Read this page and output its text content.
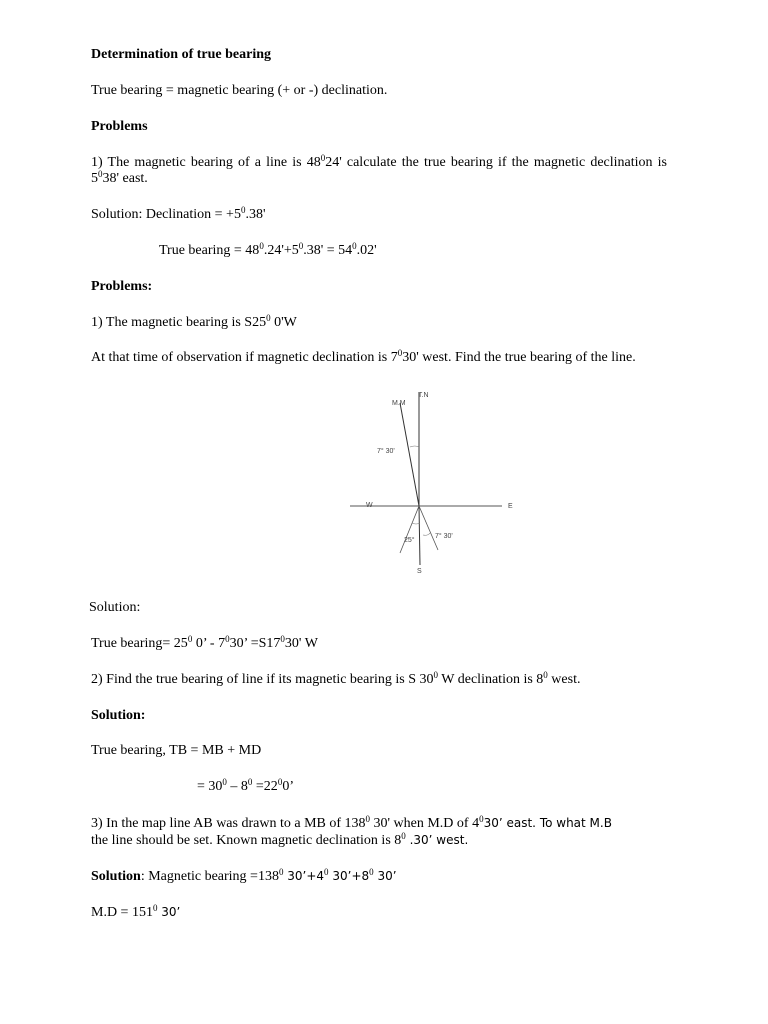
Determination of true bearing

True bearing = magnetic bearing (+ or -) declination.

Problems

1) The magnetic bearing of a line is $48^024'$ calculate the true bearing if the magnetic declination is $5^038'$ east.

Solution: Declination = $+5^0.38'$

True bearing = $48^0.24'+5^0.38' = 54^0.02'$

Problems:

1) The magnetic bearing is $S25^0$ 0'W

At that time of observation if magnetic declination is $7^030'$ west. Find the true bearing of the line.

M.M
T.N
W	E
S
7° 30'
25°
7° 30'

Solution:

True bearing= $25^0$ 0’ - $7^030$’ $=S17^030'$ W

2) Find the true bearing of line if its magnetic bearing is S $30^0$ W declination is $8^0$ west.

Solution:

True bearing, TB = MB + MD

= $30^0 - 8^0 =22^00$’

3) In the map line AB was drawn to a MB of $138^0$ 30' when M.D of $4^030$’ east. To what M.B
the line should be set. Known magnetic declination is $8^0$ .30’ west.

Solution: Magnetic bearing $=138^0$ $30’+4^0$ $30’+8^0$ 30’

$M.D = 151^0$ 30’
